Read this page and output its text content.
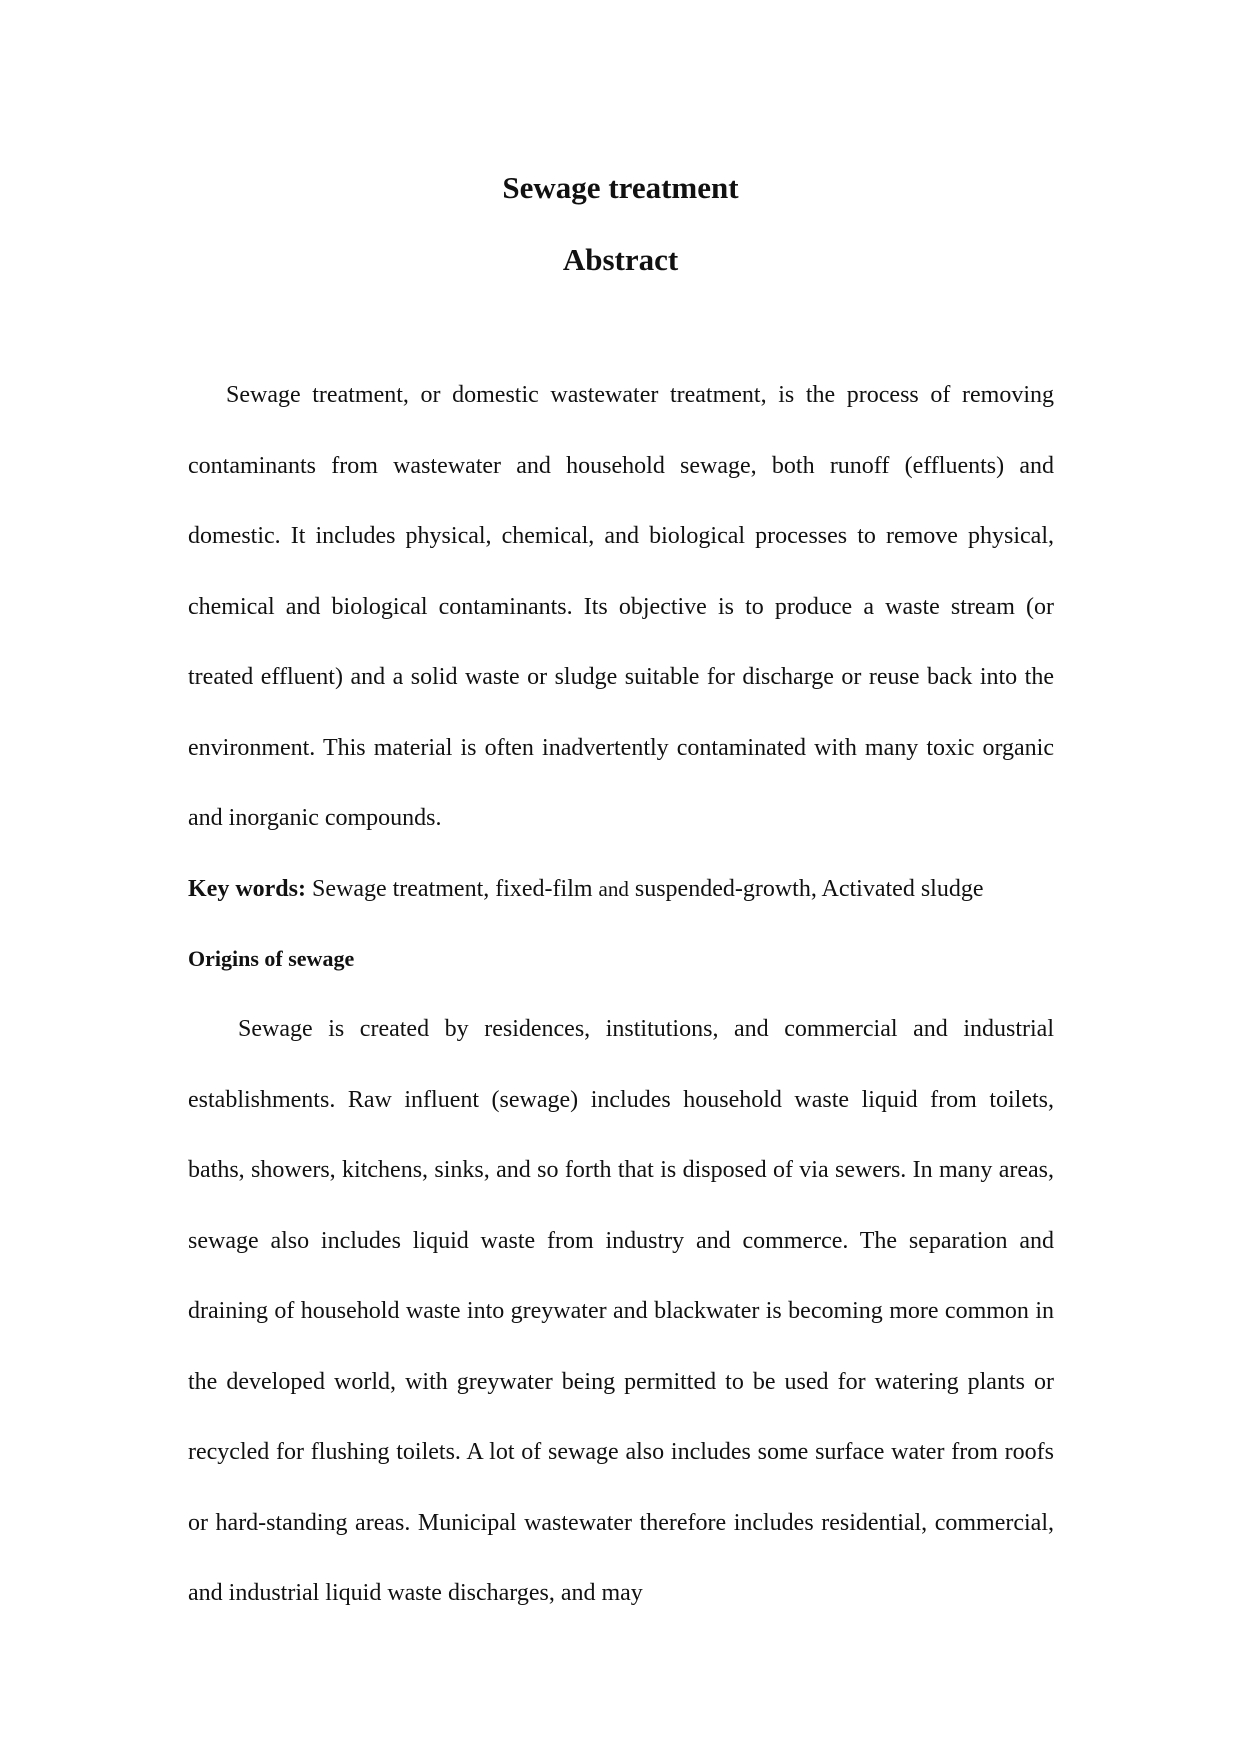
Sewage treatment
Abstract

Sewage treatment, or domestic wastewater treatment, is the process of removing contaminants from wastewater and household sewage, both runoff (effluents) and domestic. It includes physical, chemical, and biological processes to remove physical, chemical and biological contaminants. Its objective is to produce a waste stream (or treated effluent) and a solid waste or sludge suitable for discharge or reuse back into the environment. This material is often inadvertently contaminated with many toxic organic and inorganic compounds.

Key words: Sewage treatment, fixed-film and suspended-growth, Activated sludge
Origins of sewage

Sewage is created by residences, institutions, and commercial and industrial establishments. Raw influent (sewage) includes household waste liquid from toilets, baths, showers, kitchens, sinks, and so forth that is disposed of via sewers. In many areas, sewage also includes liquid waste from industry and commerce. The separation and draining of household waste into greywater and blackwater is becoming more common in the developed world, with greywater being permitted to be used for watering plants or recycled for flushing toilets. A lot of sewage also includes some surface water from roofs or hard-standing areas. Municipal wastewater therefore includes residential, commercial, and industrial liquid waste discharges, and may
